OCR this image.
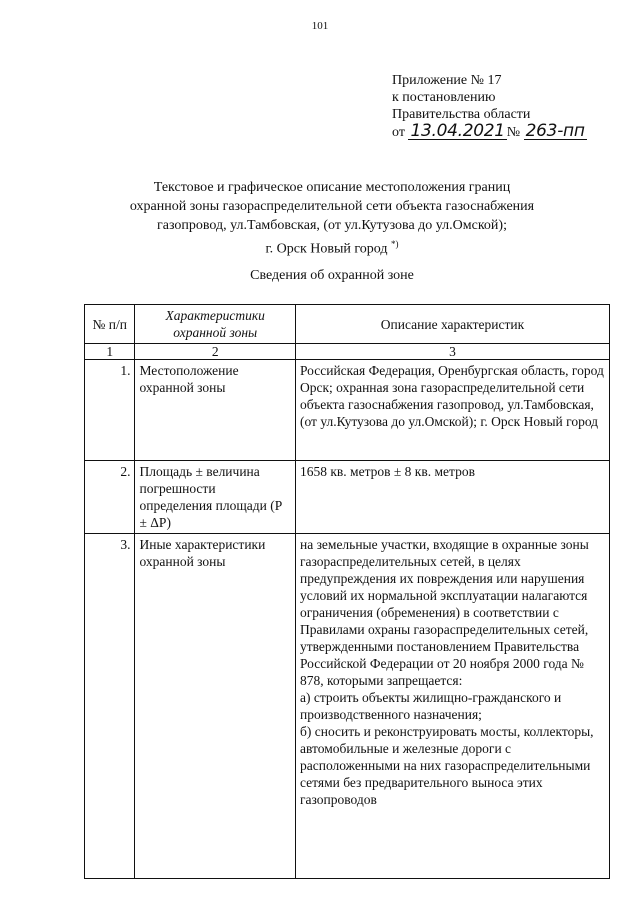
101
Приложение № 17
к постановлению
Правительства области
от 13.04.2021 № 263-пп
Текстовое и графическое описание местоположения границ
охранной зоны газораспределительной сети объекта газоснабжения
газопровод, ул.Тамбовская, (от ул.Кутузова до ул.Омской);
г. Орск Новый город *)
Сведения об охранной зоне
№ п/п	Характеристики охранной зоны	Описание характеристик
1	2	3
1.	Местоположение охранной зоны	Российская Федерация, Оренбургская область, город Орск; охранная зона газораспределительной сети объекта газоснабжения газопровод, ул.Тамбовская, (от ул.Кутузова до ул.Омской); г. Орск Новый город
2.	Площадь ± величина погрешности определения площади (P ± ΔP)	1658 кв. метров ± 8 кв. метров
3.	Иные характеристики охранной зоны	на земельные участки, входящие в охранные зоны газораспределительных сетей, в целях предупреждения их повреждения или нарушения условий их нормальной эксплуатации налагаются ограничения (обременения) в соответствии с Правилами охраны газораспределительных сетей, утвержденными постановлением Правительства Российской Федерации от 20 ноября 2000 года № 878, которыми запрещается:
а) строить объекты жилищно-гражданского и производственного назначения;
б) сносить и реконструировать мосты, коллекторы, автомобильные и железные дороги с расположенными на них газораспределительными сетями без предварительного выноса этих газопроводов
